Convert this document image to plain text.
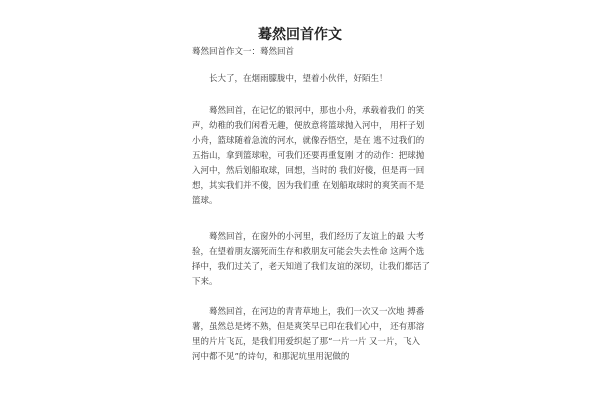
蓦然回首作文
蓦然回首作文一：蓦然回首
　　长大了，在烟雨朦胧中，望着小伙伴，好陌生！
　　蓦然回首，在记忆的银河中，那也小舟，承载着我们 的笑
声，幼稚的我们闲看无趣，便放意将篮球抛入河中， 用杆子划
小舟，篮球随着急流的河水，就像吞悟空，是在 逃不过我们的
五指山，拿到篮球啦，可我们还要再重复刚 才的动作：把球抛
入河中，然后划船取球，回想，当时的 我们好傻，但是再一回
想，其实我们并不傻，因为我们重 在划船取球时的爽笑而不是
篮球。
　　蓦然回首，在窗外的小河里，我们经历了友谊上的最 大考
验，在望着朋友溺死而生存和救朋友可能会失去性命 这两个选
择中，我们过关了，老天知道了我们友谊的深切，让我们都活了
下来。
　　蓦然回首，在河边的青青草地上，我们一次又一次地 搏番
薯，虽然总是烤不熟，但是爽笑早已印在我们心中， 还有那溶
里的片片飞瓦，是我们用爱织起了那“一片一片 又一片，飞入
河中都不见”的诗句，和那泥坑里用泥做的
